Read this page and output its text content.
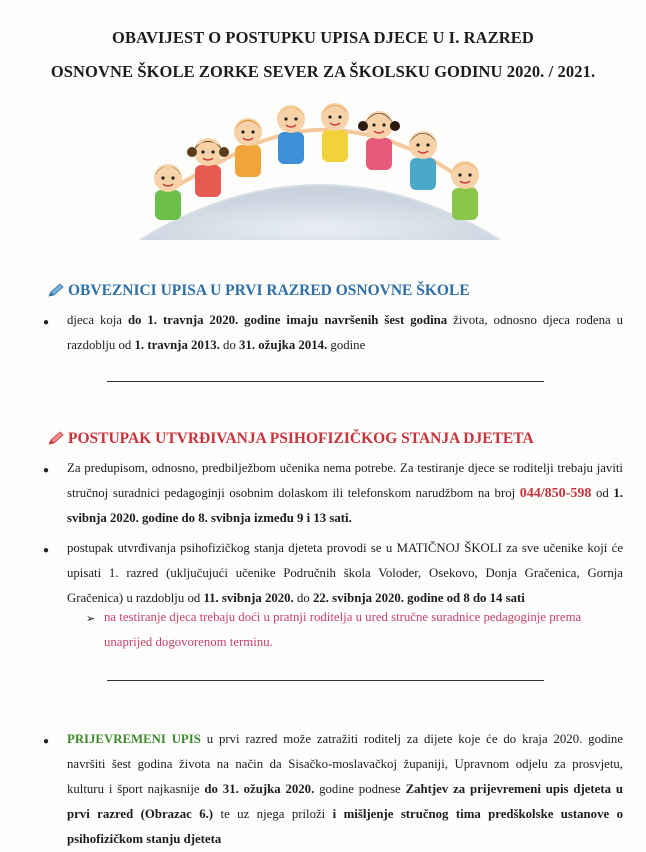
OBAVIJEST O POSTUPKU UPISA DJECE U I. RAZRED
OSNOVNE ŠKOLE ZORKE SEVER ZA ŠKOLSKU GODINU 2020. / 2021.
OBVEZNICI UPISA U PRVI RAZRED OSNOVNE ŠKOLE
● djeca koja do 1. travnja 2020. godine imaju navršenih šest godina života, odnosno djeca rođena u razdoblju od 1. travnja 2013. do 31. ožujka 2014. godine
POSTUPAK UTVRĐIVANJA PSIHOFIZIČKOG STANJA DJETETA
● Za predupisom, odnosno, predbilježbom učenika nema potrebe. Za testiranje djece se roditelji trebaju javiti stručnoj suradnici pedagoginji osobnim dolaskom ili telefonskom narudžbom na broj 044/850-598 od 1. svibnja 2020. godine do 8. svibnja između 9 i 13 sati.
● postupak utvrđivanja psihofizičkog stanja djeteta provodi se u MATIČNOJ ŠKOLI za sve učenike koji će upisati 1. razred (uključujući učenike Područnih škola Voloder, Osekovo, Donja Gračenica, Gornja Gračenica) u razdoblju od 11. svibnja 2020. do 22. svibnja 2020. godine od 8 do 14 sati
➢ na testiranje djeca trebaju doći u pratnji roditelja u ured stručne suradnice pedagoginje prema unaprijed dogovorenom terminu.
● PRIJEVREMENI UPIS u prvi razred može zatražiti roditelj za dijete koje će do kraja 2020. godine navršiti šest godina života na način da Sisačko-moslavačkoj županiji, Upravnom odjelu za prosvjetu, kulturu i šport najkasnije do 31. ožujka 2020. godine podnese Zahtjev za prijevremeni upis djeteta u prvi razred (Obrazac 6.) te uz njega priloži i mišljenje stručnog tima predškolske ustanove o psihofizičkom stanju djeteta
